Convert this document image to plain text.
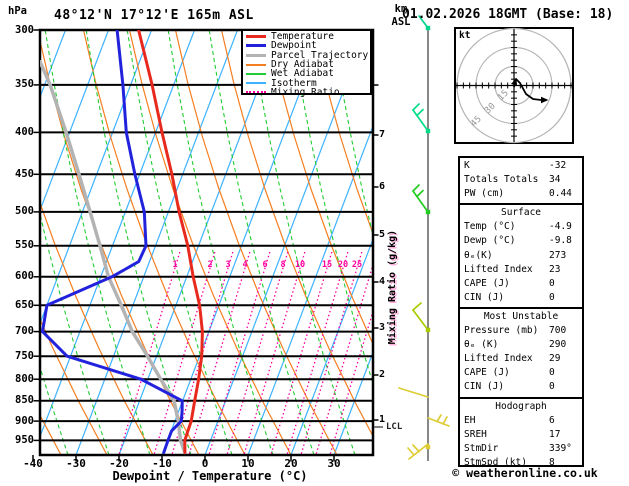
15
30
45
hPa 48°12'N 17°12'E 165m ASL	km
ASL
01.02.2026 18GMT (Base: 18)
Dewpoint / Temperature (°C)
Mixing Ratio (g/kg)
LCL
kt
Temperature
Dewpoint
Parcel Trajectory
Dry Adiabat
Wet Adiabat
Isotherm
Mixing Ratio
K	-32
Totals Totals 34
PW (cm)	0.44
Surface
Temp (°C)	-4.9
Dewp (°C)	-9.8
θₑ(K)	273
Lifted Index 23
CAPE (J)	0
CIN (J)	0
Most Unstable
Pressure (mb) 700
θₑ (K)	290
Lifted Index 29
CAPE (J)	0
CIN (J)	0
Hodograph
EH	6
SREH	17
StmDir	339°
StmSpd (kt) 8
© weatheronline.co.uk
300
350
400
450
500
550
600
650
700
750
800
850
900
950
-40	-30	-20	-10	0	10	20	30
1
2
3
4
5
6
7
1	2	3	4	6	8	10	15 20 25
